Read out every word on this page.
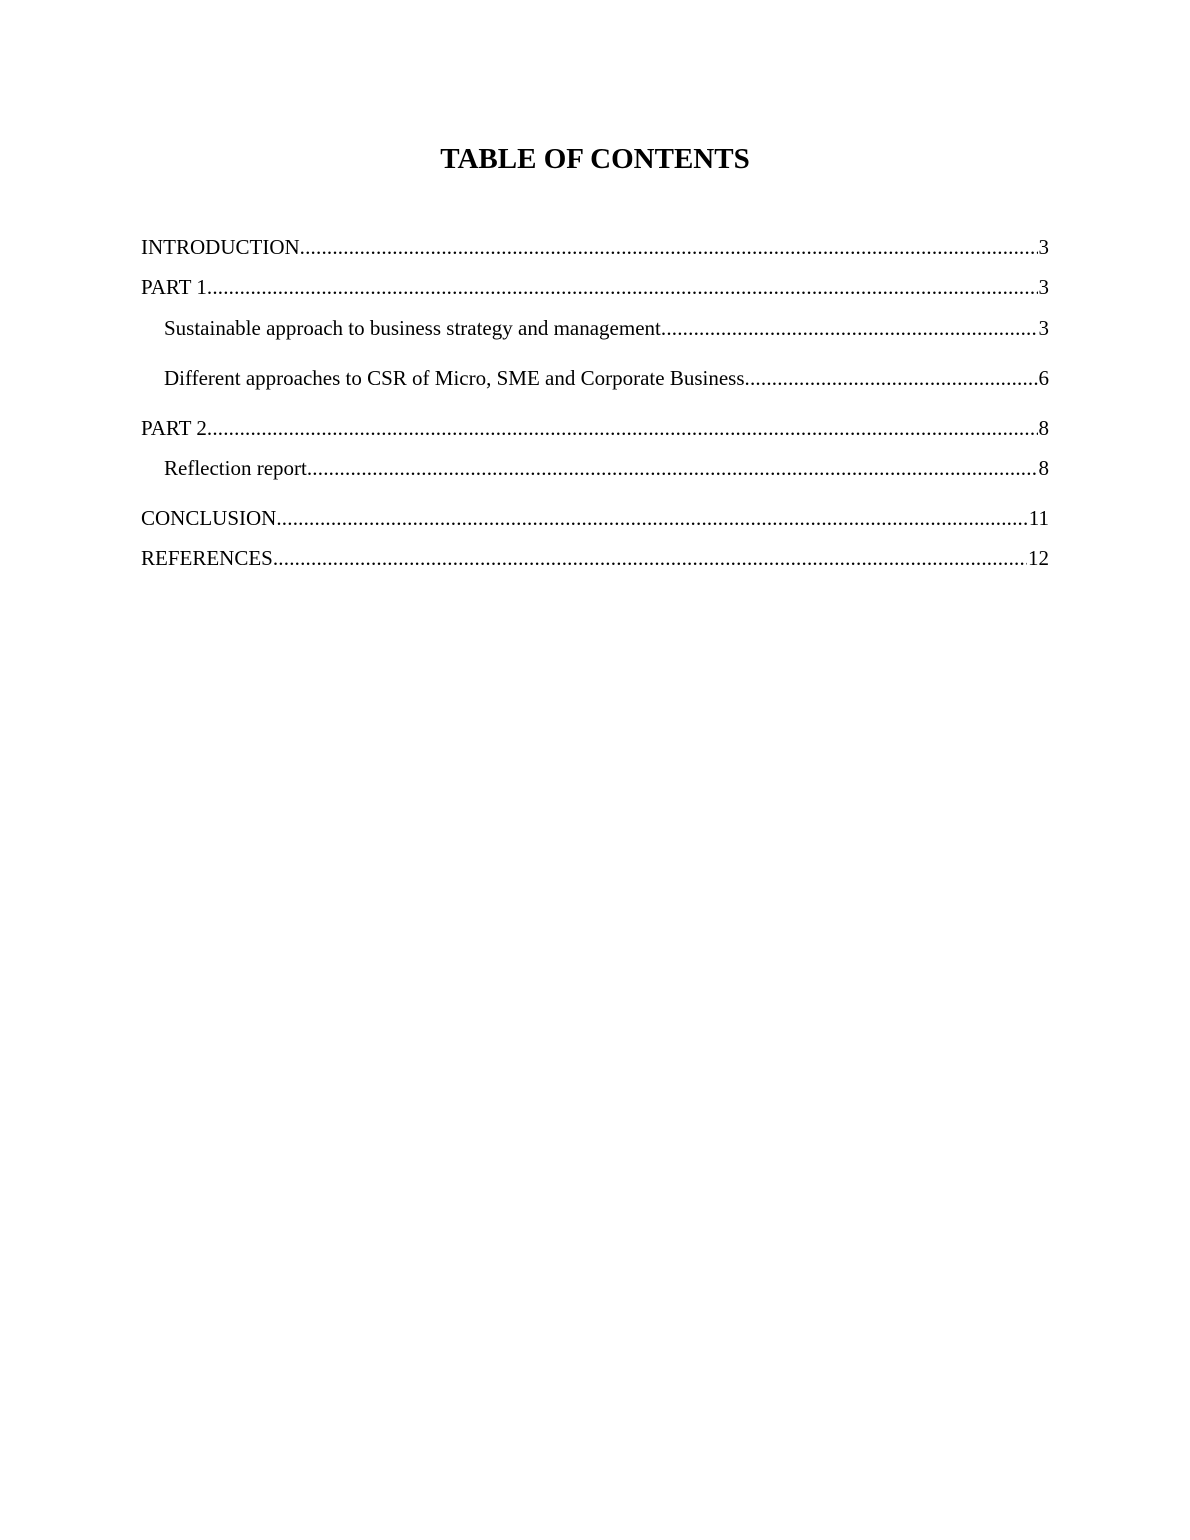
TABLE OF CONTENTS
INTRODUCTION .....	3
PART 1 .....	3
Sustainable approach to business strategy and management .....	3
Different approaches to CSR of Micro, SME and Corporate Business .....	6
PART 2 .....	8
Reflection report .....	8
CONCLUSION .....	11
REFERENCES .....	12
